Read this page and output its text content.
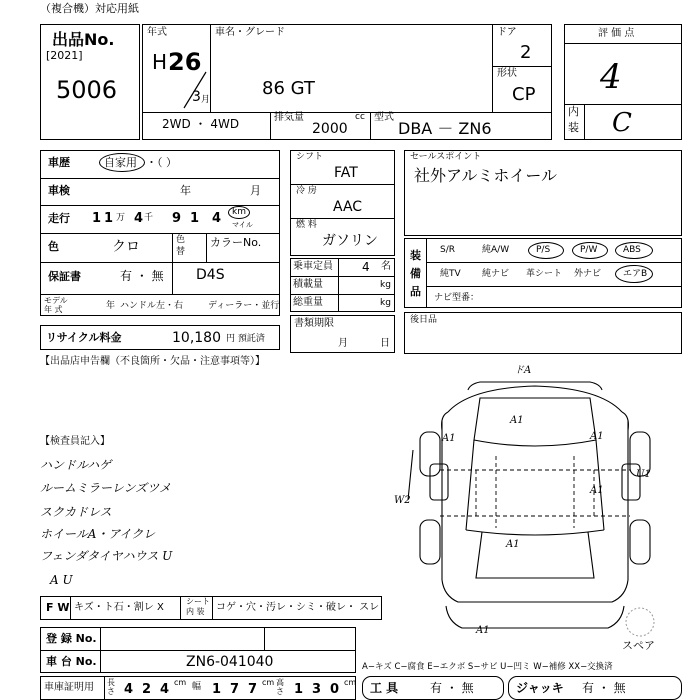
（複合機）対応用紙
出品No.
[2021]
5006
年式
H 26
3 月
車名・グレード
86 GT
ドア
2
形状
CP
2WD ・ 4WD	排気量	cc
2000
型式
DBA － ZN6
評 価 点
4
内
装 C
車歴	自家用 ・（ ）
車検	年	月
走行 1 1 万 4 千 9 1 4 km
マイル
色	クロ	色
替
カラーNo.
保証書	有 ・ 無 D4S
モデル
年 式	年 ハンドル 左・右	ディーラー・並行
リサイクル料金	10,180 円 預託済
シフト
FAT
冷 房
AAC
燃 料
ガソリン
乗車定員 4 名
積載量	kg
総重量	kg
書類期限
月	日
セールスポイント
社外アルミホイール
装
備
品
S/R	純A/W	P/S	P/W	ABS
純TV 純ナビ 革シート 外ナビ エアB
ナビ型番：
後日品
【出品店申告欄（不良箇所・欠品・注意事項等）】
【検査員記入】
ハンドルハゲ
ルームミラーレンズツメ
スクカドレス
ホイールA・アイクレ
フェンダタイヤハウス U
A U
ドA
A1
A1	A1
W2
U1
A1
A1
A1
スペア
F W キズ・ト石・割レ X
シート
内 装 コゲ・穴・汚レ・シミ・破レ・ スレ
登 録 No.
車 台 No.	ZN6-041040	A−キズ C−腐食 E−エクボ S−サビ U−凹ミ W−補修 XX−交換済
車庫証明用 長さ 4 2 4 cm 幅 1 7 7 cm 高さ 1 3 0 cm 工 具	有 ・ 無	ジャッキ 有 ・ 無
